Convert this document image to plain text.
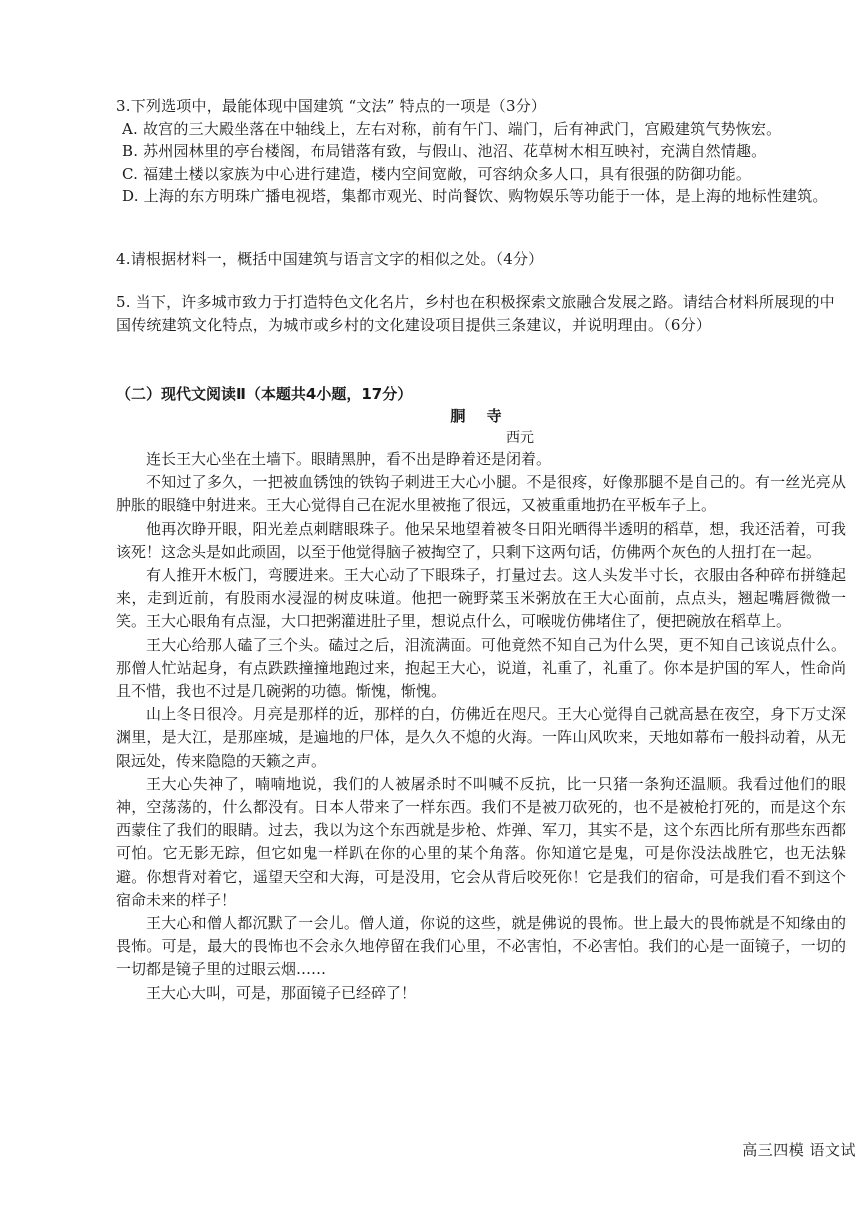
3.下列选项中，最能体现中国建筑 “文法” 特点的一项是（3分）

A. 故宫的三大殿坐落在中轴线上，左右对称，前有午门、端门，后有神武门，宫殿建筑气势恢宏。

B. 苏州园林里的亭台楼阁，布局错落有致，与假山、池沼、花草树木相互映衬，充满自然情趣。

C. 福建土楼以家族为中心进行建造，楼内空间宽敞，可容纳众多人口，具有很强的防御功能。

D. 上海的东方明珠广播电视塔，集都市观光、时尚餐饮、购物娱乐等功能于一体，是上海的地标性建筑。

4.请根据材料一，概括中国建筑与语言文字的相似之处。（4分）

5. 当下，许多城市致力于打造特色文化名片，乡村也在积极探索文旅融合发展之路。请结合材料所展现的中国传统建筑文化特点，为城市或乡村的文化建设项目提供三条建议，并说明理由。（6分）

（二）现代文阅读Ⅱ（本题共4小题，17分）

胴 寺

西元

连长王大心坐在土墙下。眼睛黑肿，看不出是睁着还是闭着。

不知过了多久，一把被血锈蚀的铁钩子刺进王大心小腿。不是很疼，好像那腿不是自己的。有一丝光亮从肿胀的眼缝中射进来。王大心觉得自己在泥水里被拖了很远，又被重重地扔在平板车子上。

他再次睁开眼，阳光差点刺瞎眼珠子。他呆呆地望着被冬日阳光晒得半透明的稻草，想，我还活着，可我该死！这念头是如此顽固，以至于他觉得脑子被掏空了，只剩下这两句话，仿佛两个灰色的人扭打在一起。

有人推开木板门，弯腰进来。王大心动了下眼珠子，打量过去。这人头发半寸长，衣服由各种碎布拼缝起来，走到近前，有股雨水浸湿的树皮味道。他把一碗野菜玉米粥放在王大心面前，点点头，翘起嘴唇微微一笑。王大心眼角有点湿，大口把粥灌进肚子里，想说点什么，可喉咙仿佛堵住了，便把碗放在稻草上。

王大心给那人磕了三个头。磕过之后，泪流满面。可他竟然不知自己为什么哭，更不知自己该说点什么。那僧人忙站起身，有点跌跌撞撞地跑过来，抱起王大心，说道，礼重了，礼重了。你本是护国的军人，性命尚且不惜，我也不过是几碗粥的功德。惭愧，惭愧。

山上冬日很冷。月亮是那样的近，那样的白，仿佛近在咫尺。王大心觉得自己就高悬在夜空，身下万丈深渊里，是大江，是那座城，是遍地的尸体，是久久不熄的火海。一阵山风吹来，天地如幕布一般抖动着，从无限远处，传来隐隐的天籁之声。

王大心失神了，喃喃地说，我们的人被屠杀时不叫喊不反抗，比一只猪一条狗还温顺。我看过他们的眼神，空荡荡的，什么都没有。日本人带来了一样东西。我们不是被刀砍死的，也不是被枪打死的，而是这个东西蒙住了我们的眼睛。过去，我以为这个东西就是步枪、炸弹、军刀，其实不是，这个东西比所有那些东西都可怕。它无影无踪，但它如鬼一样趴在你的心里的某个角落。你知道它是鬼，可是你没法战胜它，也无法躲避。你想背对着它，遥望天空和大海，可是没用，它会从背后咬死你！它是我们的宿命，可是我们看不到这个宿命未来的样子！

王大心和僧人都沉默了一会儿。僧人道，你说的这些，就是佛说的畏怖。世上最大的畏怖就是不知缘由的畏怖。可是，最大的畏怖也不会永久地停留在我们心里，不必害怕，不必害怕。我们的心是一面镜子，一切的一切都是镜子里的过眼云烟……

王大心大叫，可是，那面镜子已经碎了！

高三四模 语文试
